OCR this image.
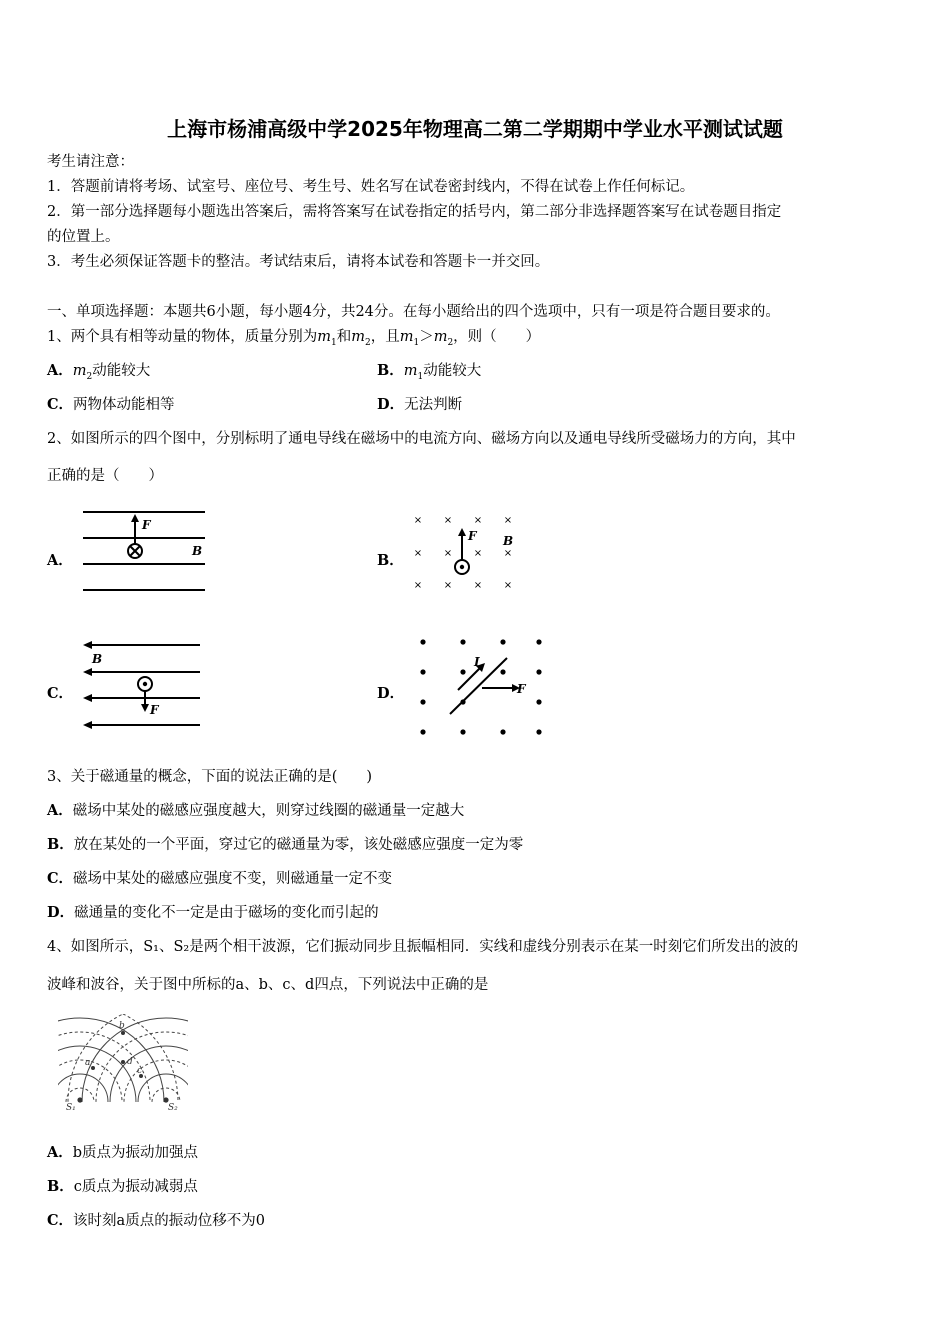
上海市杨浦高级中学2025年物理高二第二学期期中学业水平测试试题
考生请注意：
1．答题前请将考场、试室号、座位号、考生号、姓名写在试卷密封线内，不得在试卷上作任何标记。
2．第一部分选择题每小题选出答案后，需将答案写在试卷指定的括号内，第二部分非选择题答案写在试卷题目指定
的位置上。
3．考生必须保证答题卡的整洁。考试结束后，请将本试卷和答题卡一并交回。
一、单项选择题：本题共6小题，每小题4分，共24分。在每小题给出的四个选项中，只有一项是符合题目要求的。
1、两个具有相等动量的物体，质量分别为$m_1$和$m_2$，且$m_1>m_2$，则（　　）
A．$m_2$动能较大	B．$m_1$动能较大
C．两物体动能相等	D．无法判断
2、如图所示的四个图中，分别标明了通电导线在磁场中的电流方向、磁场方向以及通电导线所受磁场力的方向，其中
正确的是（　　）
A．
F
B
B．
× × × ×
× × × ×
× × × ×
F B
C．
B
F
D．
I
F
3、关于磁通量的概念，下面的说法正确的是(　　)
A．磁场中某处的磁感应强度越大，则穿过线圈的磁通量一定越大
B．放在某处的一个平面，穿过它的磁通量为零，该处磁感应强度一定为零
C．磁场中某处的磁感应强度不变，则磁通量一定不变
D．磁通量的变化不一定是由于磁场的变化而引起的
4、如图所示，S₁、S₂是两个相干波源，它们振动同步且振幅相同．实线和虚线分别表示在某一时刻它们所发出的波的
波峰和波谷，关于图中所标的a、b、c、d四点，下列说法中正确的是
b
a	d
c
S₁	S₂
A．b质点为振动加强点
B．c质点为振动减弱点
C．该时刻a质点的振动位移不为0
